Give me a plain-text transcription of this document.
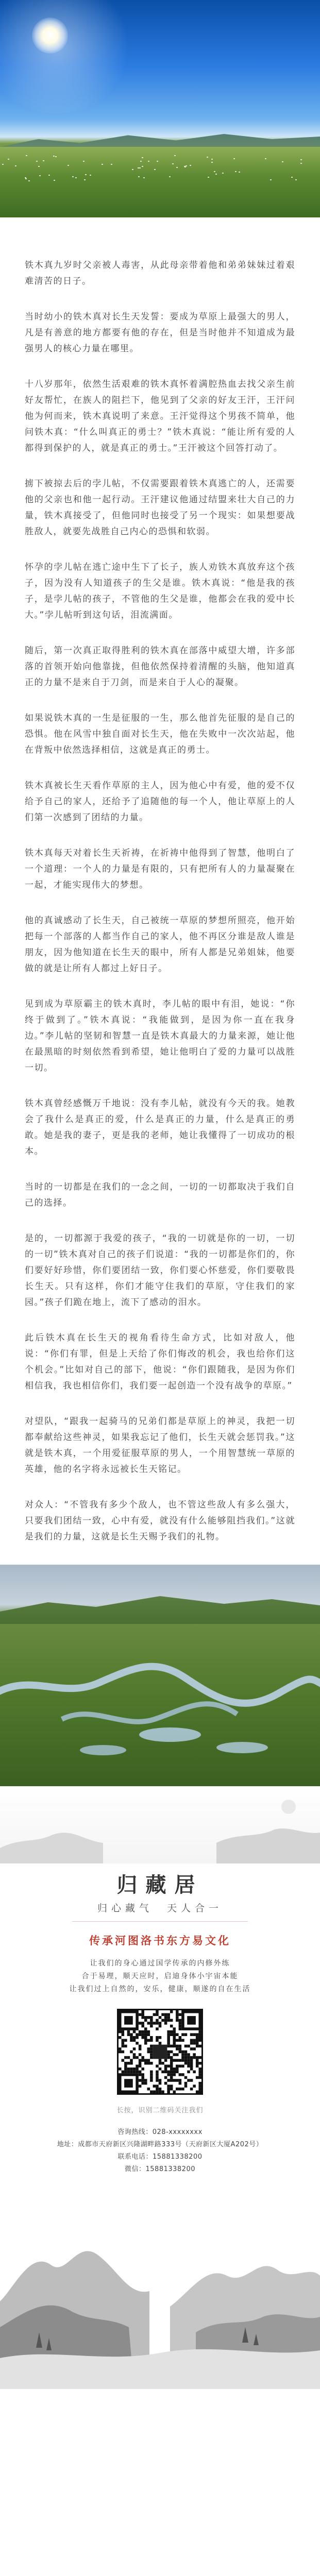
铁木真九岁时父亲被人毒害，从此母亲带着他和弟弟妹妹过着艰难清苦的日子。

当时幼小的铁木真对长生天发誓：要成为草原上最强大的男人，凡是有善意的地方都要有他的存在，但是当时他并不知道成为最强男人的核心力量在哪里。

十八岁那年，依然生活艰难的铁木真怀着满腔热血去找父亲生前好友帮忙，在族人的阻拦下，他见到了父亲的好友王汗，王汗问他为何而来，铁木真说明了来意。王汗觉得这个男孩不简单，他问铁木真：“什么叫真正的勇士？”铁木真说：“能让所有爱的人都得到保护的人，就是真正的勇士。”王汗被这个回答打动了。

掳下被掠去后的孛儿帖，不仅需要跟着铁木真逃亡的人，还需要他的父亲也和他一起行动。王汗建议他通过结盟来壮大自己的力量，铁木真接受了，但他同时也接受了另一个现实：如果想要战胜敌人，就要先战胜自己内心的恐惧和软弱。

怀孕的孛儿帖在逃亡途中生下了长子，族人劝铁木真放弃这个孩子，因为没有人知道孩子的生父是谁。铁木真说：“他是我的孩子，是孛儿帖的孩子，不管他的生父是谁，他都会在我的爱中长大。”孛儿帖听到这句话，泪流满面。

随后，第一次真正取得胜利的铁木真在部落中威望大增，许多部落的首领开始向他靠拢，但他依然保持着清醒的头脑，他知道真正的力量不是来自于刀剑，而是来自于人心的凝聚。

如果说铁木真的一生是征服的一生，那么他首先征服的是自己的恐惧。他在风雪中独自面对长生天，他在失败中一次次站起，他在背叛中依然选择相信，这就是真正的勇士。

铁木真被长生天看作草原的主人，因为他心中有爱，他的爱不仅给予自己的家人，还给予了追随他的每一个人，他让草原上的人们第一次感到了团结的力量。

铁木真每天对着长生天祈祷，在祈祷中他得到了智慧，他明白了一个道理：一个人的力量是有限的，只有把所有人的力量凝聚在一起，才能实现伟大的梦想。

他的真诚感动了长生天，自己被统一草原的梦想所照亮，他开始把每一个部落的人都当作自己的家人，他不再区分谁是敌人谁是朋友，因为他知道在长生天的眼中，所有人都是兄弟姐妹，他要做的就是让所有人都过上好日子。

见到成为草原霸主的铁木真时，李儿帖的眼中有泪，她说：“你终于做到了。”铁木真说：“我能做到，是因为你一直在我身边。”李儿帖的坚韧和智慧一直是铁木真最大的力量来源，她让他在最黑暗的时刻依然看到希望，她让他明白了爱的力量可以战胜一切。

铁木真曾经感慨万千地说：没有李儿帖，就没有今天的我。她教会了我什么是真正的爱，什么是真正的力量，什么是真正的勇敢。她是我的妻子，更是我的老师，她让我懂得了一切成功的根本。

当时的一切都是在我们的一念之间，一切的一切都取决于我们自己的选择。

是的，一切都源于我爱的孩子，“我的一切就是你的一切，一切的一切”铁木真对自己的孩子们说道：“我的一切都是你们的，你们要好好珍惜，你们要团结一致，你们要心怀慈爱，你们要敬畏长生天。只有这样，你们才能守住我们的草原，守住我们的家园。”孩子们跪在地上，流下了感动的泪水。

此后铁木真在长生天的视角看待生命方式，比如对敌人，他说：“你们有罪，但是上天给了你们悔改的机会，我也给你们这个机会。”比如对自己的部下，他说：“你们跟随我，是因为你们相信我，我也相信你们，我们要一起创造一个没有战争的草原。”

对望队，“跟我一起骑马的兄弟们都是草原上的神灵，我把一切都奉献给这些神灵，如果我忘记了他们，长生天就会惩罚我。”这就是铁木真，一个用爱征服草原的男人，一个用智慧统一草原的英雄，他的名字将永远被长生天铭记。

对众人：“不管我有多少个敌人，也不管这些敌人有多么强大，只要我们团结一致，心中有爱，就没有什么能够阻挡我们。”这就是我们的力量，这就是长生天赐予我们的礼物。

归藏居
归心藏气　天人合一
传承河图洛书东方易文化
让我们的身心通过国学传承的内修外练
合于易理，顺天应时，启迪身体小宇宙本能
让我们过上自然的，安乐，健康，顺遂的自在生活
长按，识别二维码关注我们
咨询热线：028-xxxxxxxx
地址：成都市天府新区兴隆湖畔路333号（天府新区大厦A202号）
联系电话：15881338200
微信：15881338200
